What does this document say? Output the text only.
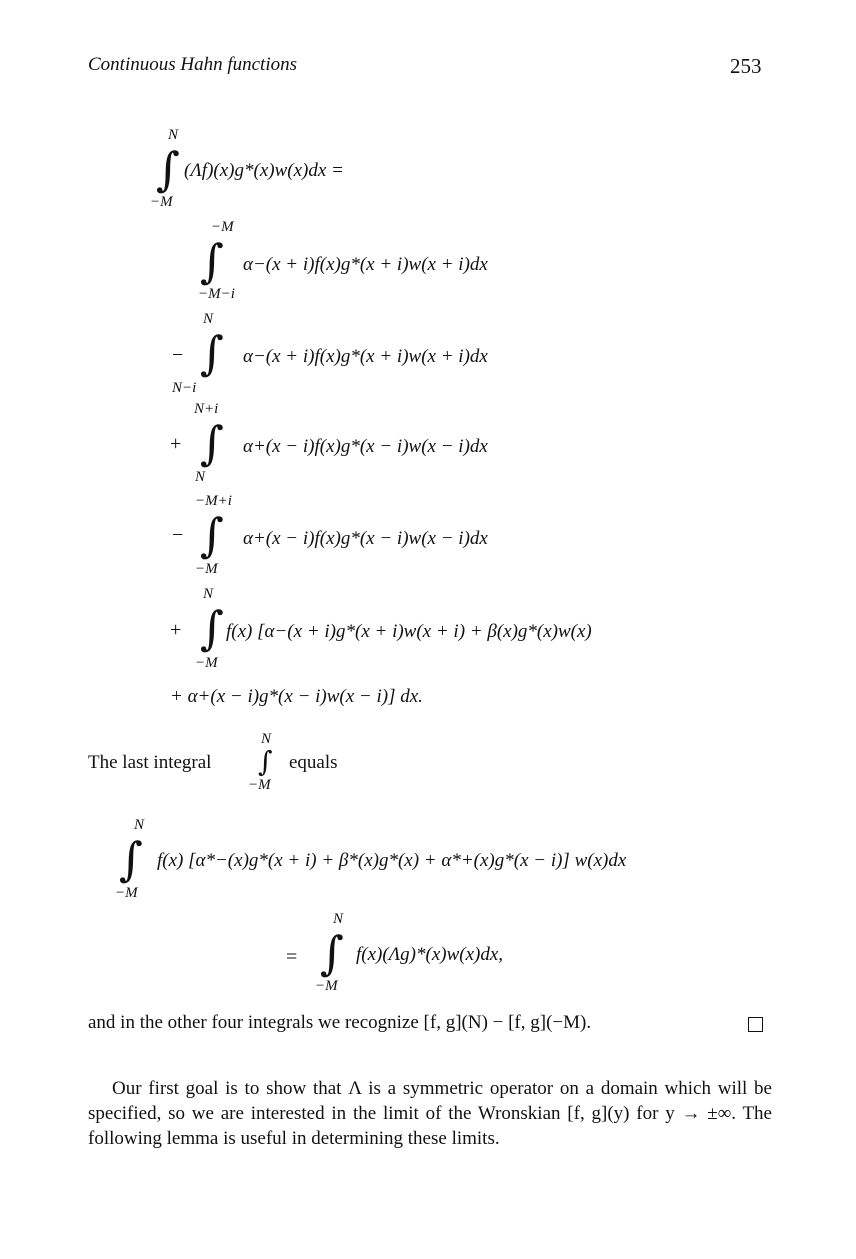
Continuous Hahn functions	253
N
∫
−M
(Λf)(x)g*(x)w(x)dx =
−M
∫
−M−i
α−(x + i)f(x)g*(x + i)w(x + i)dx
−
N
∫
N−i
α−(x + i)f(x)g*(x + i)w(x + i)dx
+
N+i
∫
N
α+(x − i)f(x)g*(x − i)w(x − i)dx
−
−M+i
∫
−M
α+(x − i)f(x)g*(x − i)w(x − i)dx
+
N
∫
−M
f(x) [α−(x + i)g*(x + i)w(x + i) + β(x)g*(x)w(x)
+ α+(x − i)g*(x − i)w(x − i)] dx.
The last integral
N
∫
−M
equals
N
∫
−M
f(x) [α*−(x)g*(x + i) + β*(x)g*(x) + α*+(x)g*(x − i)] w(x)dx
=
N
∫
−M
f(x)(Λg)*(x)w(x)dx,
and in the other four integrals we recognize [f, g](N) − [f, g](−M).
Our first goal is to show that Λ is a symmetric operator on a domain which will be specified, so we are interested in the limit of the Wronskian [f, g](y) for y → ±∞. The following lemma is useful in determining these limits.
